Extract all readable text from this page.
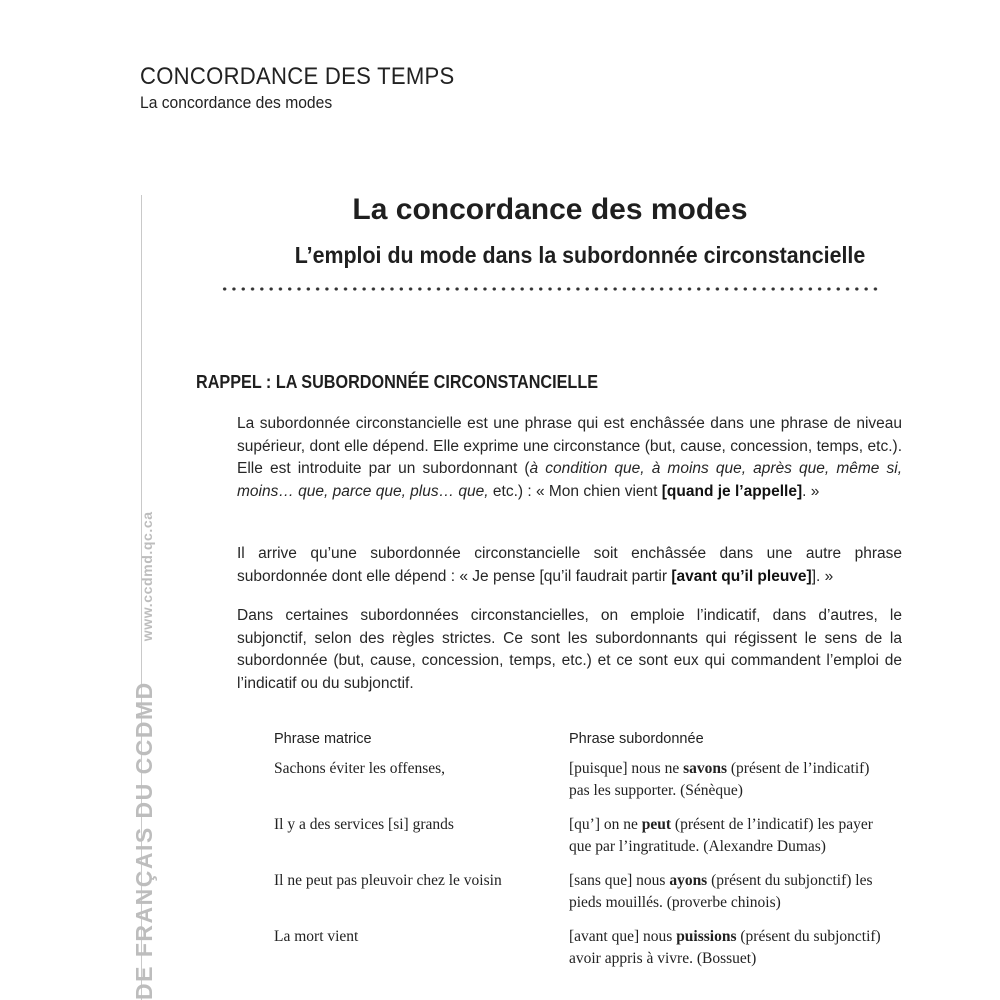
CONCORDANCE DES TEMPS
La concordance des modes
DE FRANÇAIS DU CCDMDwww.ccdmd.qc.ca
La concordance des modes
L’emploi du mode dans la subordonnée circonstancielle
RAPPEL : LA SUBORDONNÉE CIRCONSTANCIELLE
La subordonnée circonstancielle est une phrase qui est enchâssée dans une phrase de niveau supérieur, dont elle dépend. Elle exprime une circonstance (but, cause, concession, temps, etc.). Elle est introduite par un subordonnant (à condition que, à moins que, après que, même si, moins… que, parce que, plus… que, etc.) : « Mon chien vient [quand je l’appelle]. »
Il arrive qu’une subordonnée circonstancielle soit enchâssée dans une autre phrase subordonnée dont elle dépend : « Je pense [qu’il faudrait partir [avant qu’il pleuve]]. »
Dans certaines subordonnées circonstancielles, on emploie l’indicatif, dans d’autres, le subjonctif, selon des règles strictes. Ce sont les subordonnants qui régissent le sens de la subordonnée (but, cause, concession, temps, etc.) et ce sont eux qui commandent l’emploi de l’indicatif ou du subjonctif.
Phrase matrice	Phrase subordonnée
Sachons éviter les offenses,	[puisque] nous ne savons (présent de l’indicatif) pas les supporter. (Sénèque)
Il y a des services [si] grands	[qu’] on ne peut (présent de l’indicatif) les payer que par l’ingratitude. (Alexandre Dumas)
Il ne peut pas pleuvoir chez le voisin	[sans que] nous ayons (présent du subjonctif) les pieds mouillés. (proverbe chinois)
La mort vient	[avant que] nous puissions (présent du subjonctif) avoir appris à vivre. (Bossuet)
